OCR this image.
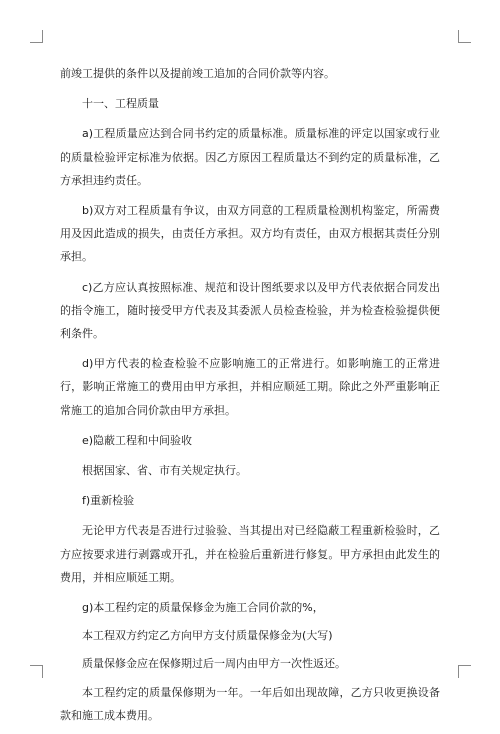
前竣工提供的条件以及提前竣工追加的合同价款等内容。

十一、工程质量

a)工程质量应达到合同书约定的质量标准。质量标准的评定以国家或行业的质量检验评定标准为依据。因乙方原因工程质量达不到约定的质量标准，乙方承担违约责任。

b)双方对工程质量有争议，由双方同意的工程质量检测机构鉴定，所需费用及因此造成的损失，由责任方承担。双方均有责任，由双方根据其责任分别承担。

c)乙方应认真按照标准、规范和设计图纸要求以及甲方代表依据合同发出的指令施工，随时接受甲方代表及其委派人员检查检验，并为检查检验提供便利条件。

d)甲方代表的检查检验不应影响施工的正常进行。如影响施工的正常进行，影响正常施工的费用由甲方承担，并相应顺延工期。除此之外严重影响正常施工的追加合同价款由甲方承担。

e)隐蔽工程和中间验收

根据国家、省、市有关规定执行。

f)重新检验

无论甲方代表是否进行过验验、当其提出对已经隐蔽工程重新检验时，乙方应按要求进行剥露或开孔，并在检验后重新进行修复。甲方承担由此发生的费用，并相应顺延工期。

g)本工程约定的质量保修金为施工合同价款的%，

本工程双方约定乙方向甲方支付质量保修金为(大写)

质量保修金应在保修期过后一周内由甲方一次性返还。

本工程约定的质量保修期为一年。一年后如出现故障，乙方只收更换设备款和施工成本费用。
